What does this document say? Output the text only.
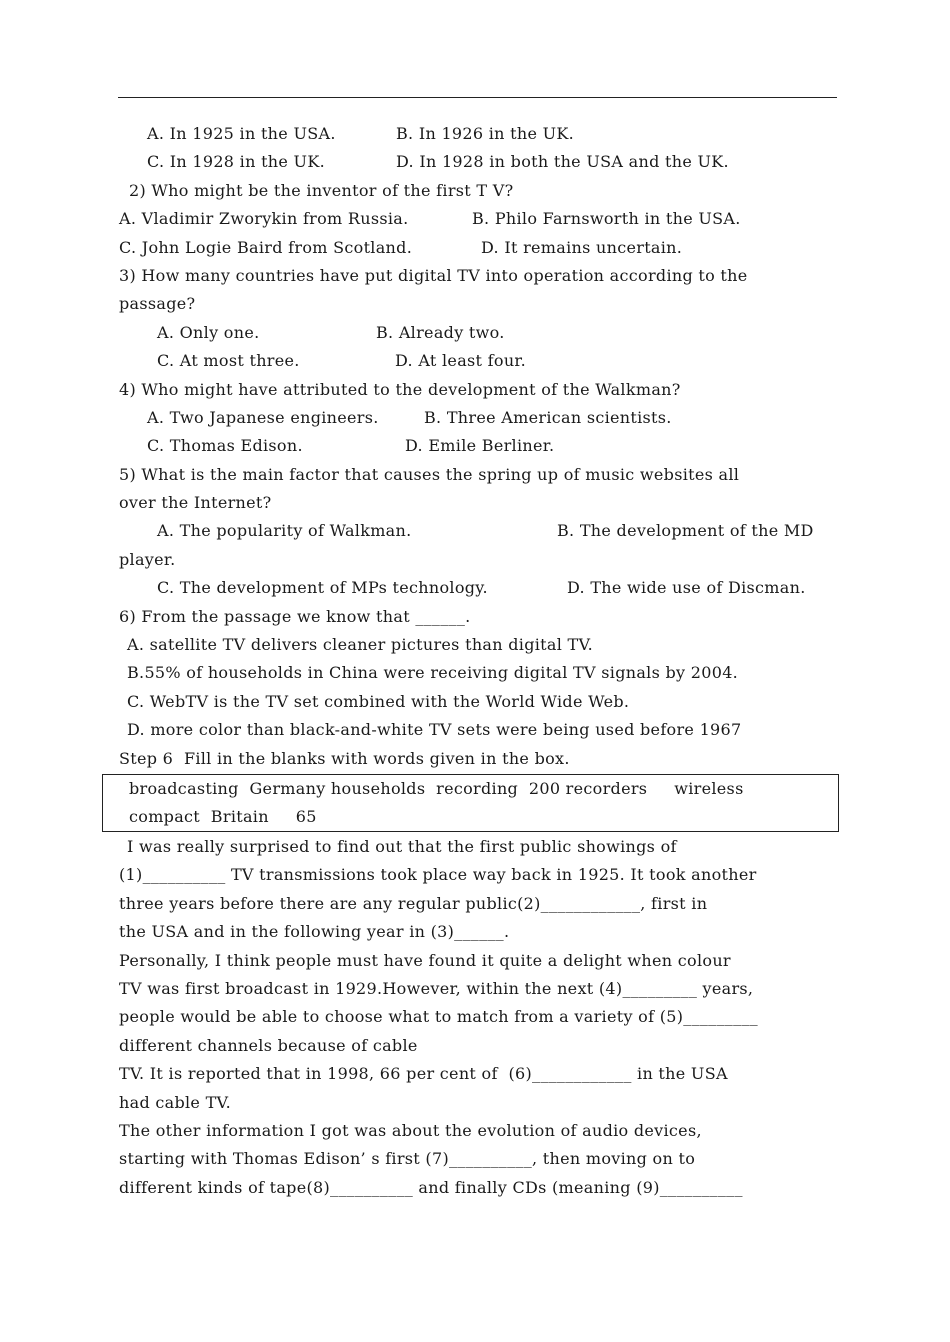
A. In 1925 in the USA.	B. In 1926 in the UK.
C. In 1928 in the UK.	D. In 1928 in both the USA and the UK.
2) Who might be the inventor of the first T V?
A. Vladimir Zworykin from Russia.	B. Philo Farnsworth in the USA.
C. John Logie Baird from Scotland.	D. It remains uncertain.
3) How many countries have put digital TV into operation according to the
passage?
A. Only one.	B. Already two.
C. At most three.	D. At least four.
4) Who might have attributed to the development of the Walkman?
A. Two Japanese engineers.	B. Three American scientists.
C. Thomas Edison.	D. Emile Berliner.
5) What is the main factor that causes the spring up of music websites all
over the Internet?
A. The popularity of Walkman.	B. The development of the MD
player.
C. The development of MPs technology.	D. The wide use of Discman.
6) From the passage we know that ______.
A. satellite TV delivers cleaner pictures than digital TV.
B.55% of households in China were receiving digital TV signals by 2004.
C. WebTV is the TV set combined with the World Wide Web.
D. more color than black-and-white TV sets were being used before 1967
Step 6  Fill in the blanks with words given in the box.
broadcasting  Germany households  recording  200 recorders     wireless
compact  Britain     65
I was really surprised to find out that the first public showings of
(1)__________ TV transmissions took place way back in 1925. It took another
three years before there are any regular public(2)____________, first in
the USA and in the following year in (3)______.
Personally, I think people must have found it quite a delight when colour
TV was first broadcast in 1929.However, within the next (4)_________ years,
people would be able to choose what to match from a variety of (5)_________
different channels because of cable
TV. It is reported that in 1998, 66 per cent of  (6)____________ in the USA
had cable TV.
The other information I got was about the evolution of audio devices,
starting with Thomas Edison’ s first (7)__________, then moving on to
different kinds of tape(8)__________ and finally CDs (meaning (9)__________
